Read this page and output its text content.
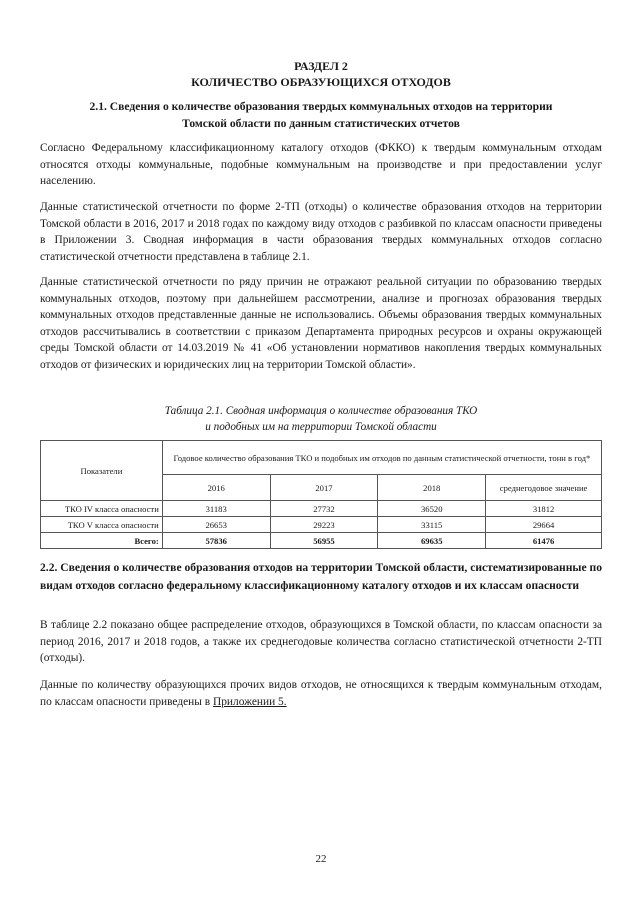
РАЗДЕЛ 2
КОЛИЧЕСТВО ОБРАЗУЮЩИХСЯ ОТХОДОВ
2.1. Сведения о количестве образования твердых коммунальных отходов на территории
Томской области по данным статистических отчетов
Согласно Федеральному классификационному каталогу отходов (ФККО) к твердым коммунальным отходам относятся отходы коммунальные, подобные коммунальным на производстве и при предоставлении услуг населению.
Данные статистической отчетности по форме 2-ТП (отходы) о количестве образования отходов на территории Томской области в 2016, 2017 и 2018 годах по каждому виду отходов с разбивкой по классам опасности приведены в Приложении 3. Сводная информация в части образования твердых коммунальных отходов согласно статистической отчетности представлена в таблице 2.1.
Данные статистической отчетности по ряду причин не отражают реальной ситуации по образованию твердых коммунальных отходов, поэтому при дальнейшем рассмотрении, анализе и прогнозах образования твердых коммунальных отходов представленные данные не использовались. Объемы образования твердых коммунальных отходов рассчитывались в соответствии с приказом Департамента природных ресурсов и охраны окружающей среды Томской области от 14.03.2019 № 41 «Об установлении нормативов накопления твердых коммунальных отходов от физических и юридических лиц на территории Томской области».
Таблица 2.1. Сводная информация о количестве образования ТКО
и подобных им на территории Томской области
Показатели	Годовое количество образования ТКО и подобных им отходов по данным статистической отчетности, тонн в год*			
	2016	2017	2018	среднегодовое значение
ТКО IV класса опасности	31183	27732	36520	31812
ТКО V класса опасности	26653	29223	33115	29664
Всего:	57836	56955	69635	61476
2.2. Сведения о количестве образования отходов на территории Томской области, систематизированные по видам отходов согласно федеральному классификационному каталогу отходов и их классам опасности
В таблице 2.2 показано общее распределение отходов, образующихся в Томской области, по классам опасности за период 2016, 2017 и 2018 годов, а также их среднегодовые количества согласно статистической отчетности 2-ТП (отходы).
Данные по количеству образующихся прочих видов отходов, не относящихся к твердым коммунальным отходам, по классам опасности приведены в Приложении 5.
22
